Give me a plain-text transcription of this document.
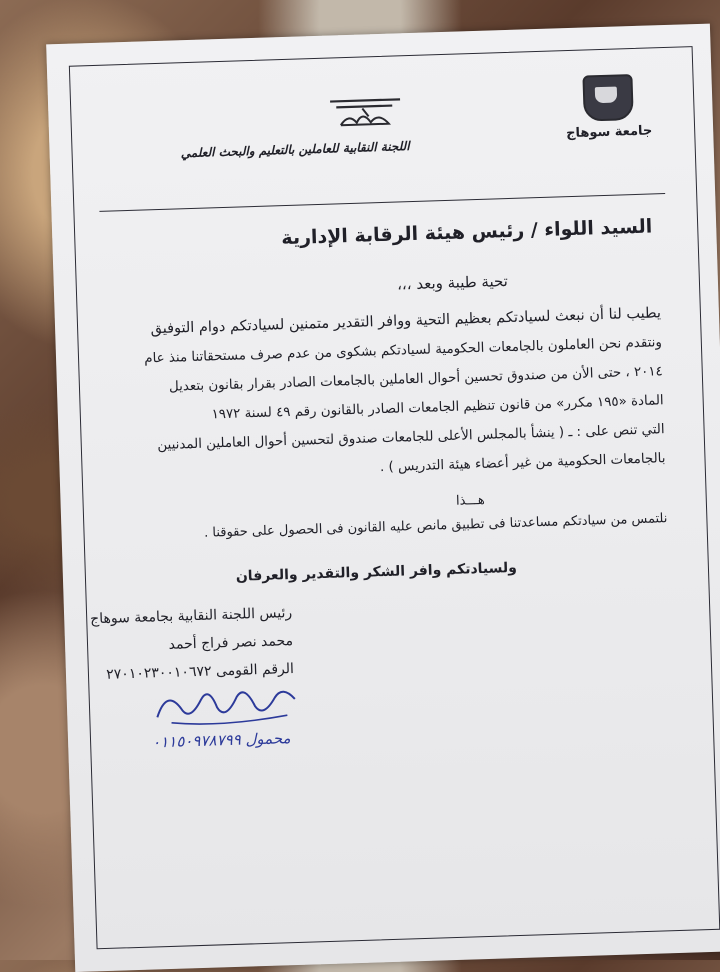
جامعة سوهاج
اللجنة النقابية للعاملين بالتعليم والبحث العلمي
السيد اللواء / رئيس هيئة الرقابة الإدارية
تحية طيبة وبعد ،،،
يطيب لنا أن نبعث لسيادتكم بعظيم التحية ووافر التقدير متمنين لسيادتكم دوام التوفيق
ونتقدم نحن العاملون بالجامعات الحكومية لسيادتكم بشكوى من عدم صرف مستحقاتنا منذ عام
٢٠١٤ ، حتى الأن من صندوق تحسين أحوال العاملين بالجامعات الصادر بقرار بقانون بتعديل
المادة «١٩٥ مكرر» من قانون تنظيم الجامعات الصادر بالقانون رقم ٤٩ لسنة ١٩٧٢
التي تنص على : ـ ( ينشأ بالمجلس الأعلى للجامعات صندوق لتحسين أحوال العاملين المدنيين
بالجامعات الحكومية من غير أعضاء هيئة التدريس ) .
هـــذا
نلتمس من سيادتكم مساعدتنا فى تطبيق مانص عليه القانون فى الحصول على حقوقنا .
ولسيادتكم وافر الشكر والتقدير والعرفان
رئيس اللجنة النقابية بجامعة سوهاج
محمد نصر فراج أحمد
الرقم القومى ٢٧٠١٠٢٣٠٠١٠٦٧٢
محمول ٠١١٥٠٩٧٨٧٩٩
